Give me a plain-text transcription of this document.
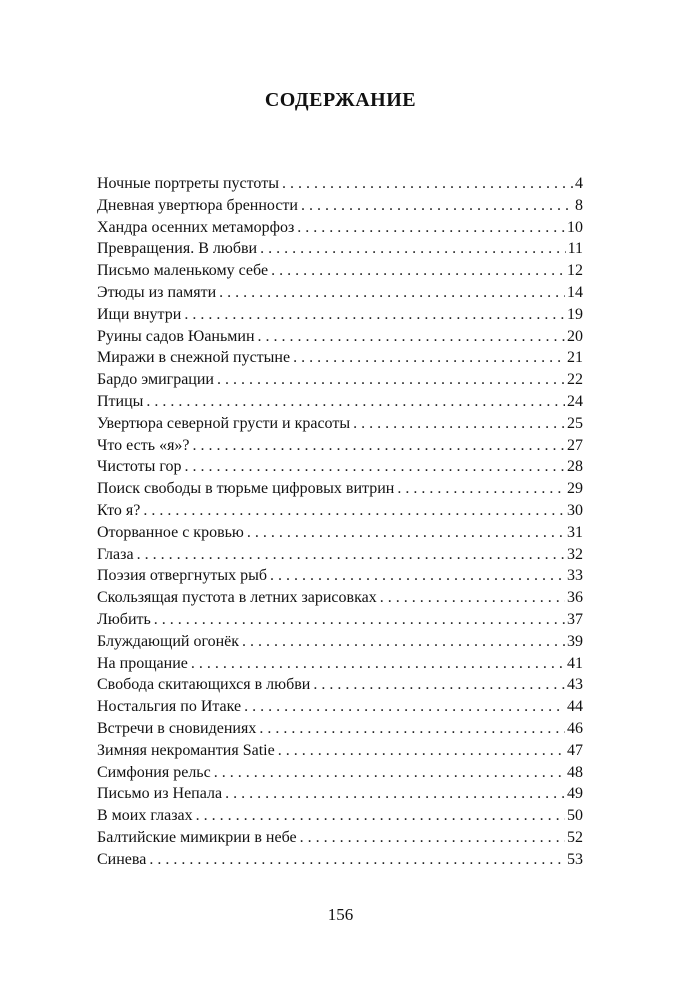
СОДЕРЖАНИЕ
Ночные портреты пустоты . . .	4
Дневная увертюра бренности . . .	8
Хандра осенних метаморфоз . . .	10
Превращения. В любви . . .	11
Письмо маленькому себе . . .	12
Этюды из памяти . . .	14
Ищи внутри . . .	19
Руины садов Юаньмин . . .	20
Миражи в снежной пустыне . . .	21
Бардо эмиграции . . .	22
Птицы . . .	24
Увертюра северной грусти и красоты . . .	25
Что есть «я»? . . .	27
Чистоты гор . . .	28
Поиск свободы в тюрьме цифровых витрин . . .	29
Кто я? . . .	30
Оторванное с кровью . . .	31
Глаза . . .	32
Поэзия отвергнутых рыб . . .	33
Скользящая пустота в летних зарисовках . . .	36
Любить . . .	37
Блуждающий огонёк . . .	39
На прощание . . .	41
Свобода скитающихся в любви . . .	43
Ностальгия по Итаке . . .	44
Встречи в сновидениях . . .	46
Зимняя некромантия Satie . . .	47
Симфония рельс . . .	48
Письмо из Непала . . .	49
В моих глазах . . .	50
Балтийские мимикрии в небе . . .	52
Синева . . .	53
156
